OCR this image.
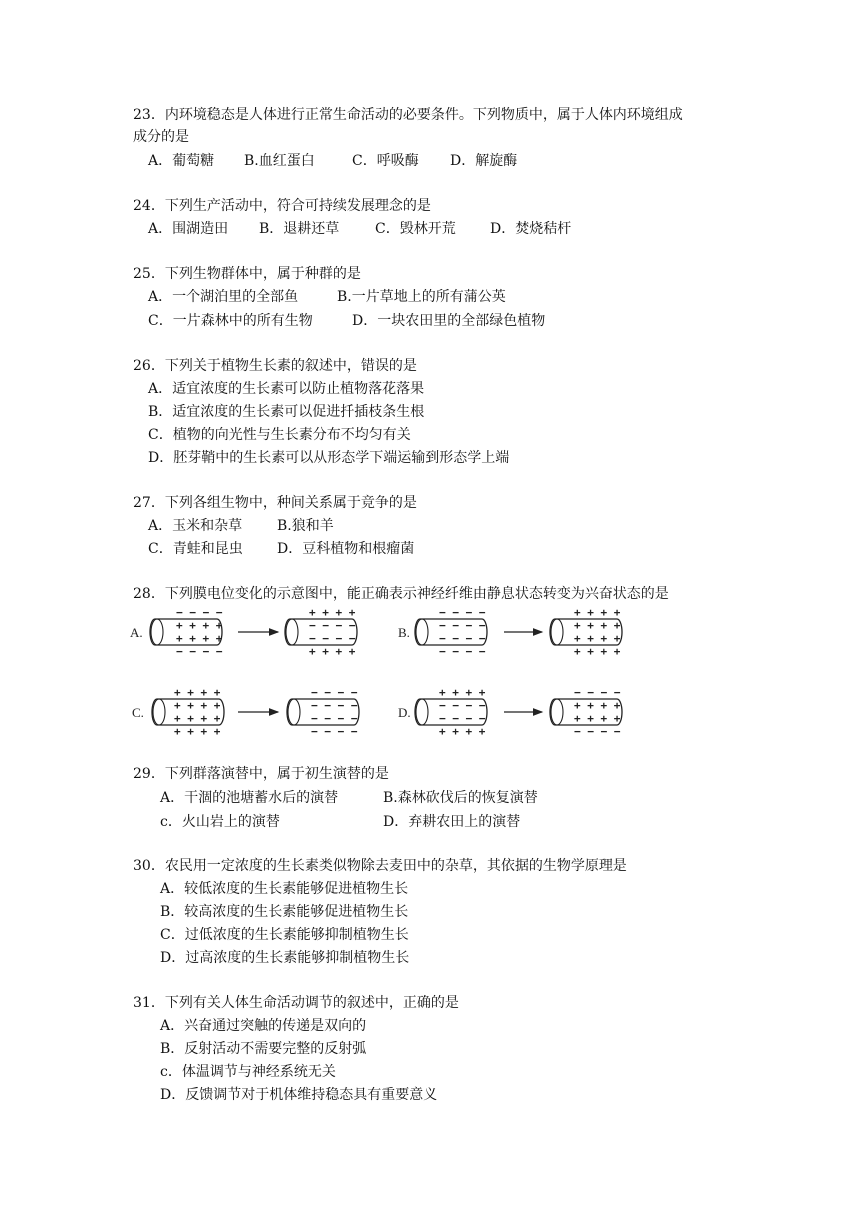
23．内环境稳态是人体进行正常生命活动的必要条件。下列物质中，属于人体内环境组成
成分的是
A．葡萄糖 B.血红蛋白	C．呼吸酶 D．解旋酶
24．下列生产活动中，符合可持续发展理念的是
A．围湖造田 B．退耕还草	C．毁林开荒 D．焚烧秸杆
25．下列生物群体中，属于种群的是
A．一个湖泊里的全部鱼	B.一片草地上的所有蒲公英
C．一片森林中的所有生物	D．一块农田里的全部绿色植物
26．下列关于植物生长素的叙述中，错误的是
A．适宜浓度的生长素可以防止植物落花落果
B．适宜浓度的生长素可以促进扦插枝条生根
C．植物的向光性与生长素分布不均匀有关
D．胚芽鞘中的生长素可以从形态学下端运输到形态学上端
27．下列各组生物中，种间关系属于竞争的是
A．玉米和杂草 B.狼和羊
C．青蛙和昆虫 D．豆科植物和根瘤菌
28．下列膜电位变化的示意图中，能正确表示神经纤维由静息状态转变为兴奋状态的是
A.
− − − −
+ + + +
+ + + +
− − − −
+ + + +
− − − −
− − − −
+ + + +
B.
− − − −
− − − −
− − − −
− − − −
+ + + +
+ + + +
+ + + +
+ + + +
C.
+ + + +
+ + + +
+ + + +
+ + + +
− − − −
− − − −
− − − −
− − − −
D.
+ + + +
− − − −
− − − −
+ + + +
− − − −
+ + + +
+ + + +
− − − −
29．下列群落演替中，属于初生演替的是
A．干涸的池塘蓄水后的演替	B.森林砍伐后的恢复演替
c．火山岩上的演替	D．弃耕农田上的演替
30．农民用一定浓度的生长素类似物除去麦田中的杂草，其依据的生物学原理是
A．较低浓度的生长素能够促进植物生长
B．较高浓度的生长素能够促进植物生长
C．过低浓度的生长素能够抑制植物生长
D．过高浓度的生长素能够抑制植物生长
31．下列有关人体生命活动调节的叙述中，正确的是
A．兴奋通过突触的传递是双向的
B．反射活动不需要完整的反射弧
c．体温调节与神经系统无关
D．反馈调节对于机体维持稳态具有重要意义
